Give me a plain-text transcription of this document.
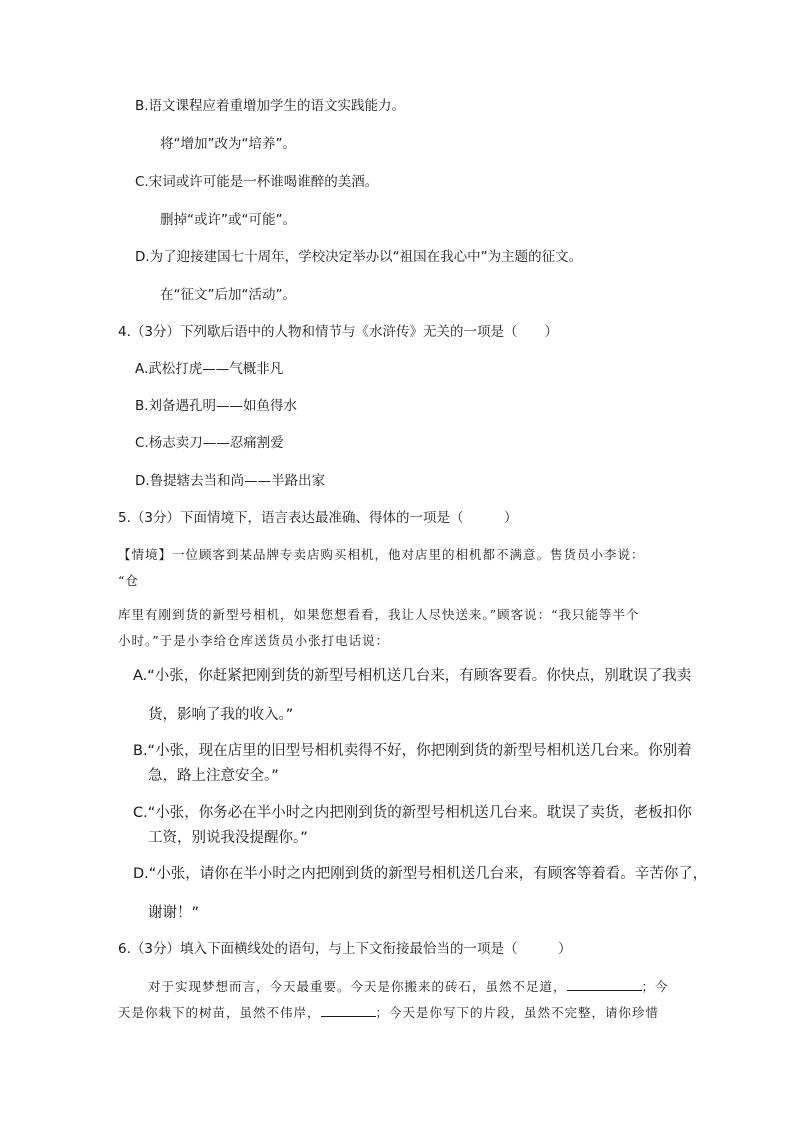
B.语文课程应着重增加学生的语文实践能力。
将“增加”改为“培养”。
C.宋词或许可能是一杯谁喝谁醉的美酒。
删掉“或许”或“可能”。
D.为了迎接建国七十周年，学校决定举办以“祖国在我心中”为主题的征文。
在“征文”后加“活动”。
4.（3分）下列歇后语中的人物和情节与《水浒传》无关的一项是（　　）
A.武松打虎——气概非凡
B.刘备遇孔明——如鱼得水
C.杨志卖刀——忍痛割爱
D.鲁提辖去当和尚——半路出家
5.（3分）下面情境下，语言表达最准确、得体的一项是（　　　）
【情境】一位顾客到某品牌专卖店购买相机，他对店里的相机都不满意。售货员小李说：
“仓
库里有刚到货的新型号相机，如果您想看看，我让人尽快送来。”顾客说：“我只能等半个
小时。”于是小李给仓库送货员小张打电话说：
A.“小张，你赶紧把刚到货的新型号相机送几台来，有顾客要看。你快点，别耽误了我卖
货，影响了我的收入。”
B.“小张，现在店里的旧型号相机卖得不好，你把刚到货的新型号相机送几台来。你别着
急，路上注意安全。”
C.“小张，你务必在半小时之内把刚到货的新型号相机送几台来。耽误了卖货，老板扣你
工资，别说我没提醒你。”
D.“小张，请你在半小时之内把刚到货的新型号相机送几台来，有顾客等着看。辛苦你了，
谢谢！”
6.（3分）填入下面横线处的语句，与上下文衔接最恰当的一项是（　　　）
对于实现梦想而言，今天最重要。今天是你搬来的砖石，虽然不足道，	；今
天是你栽下的树苗，虽然不伟岸，	；今天是你写下的片段，虽然不完整，请你珍惜
